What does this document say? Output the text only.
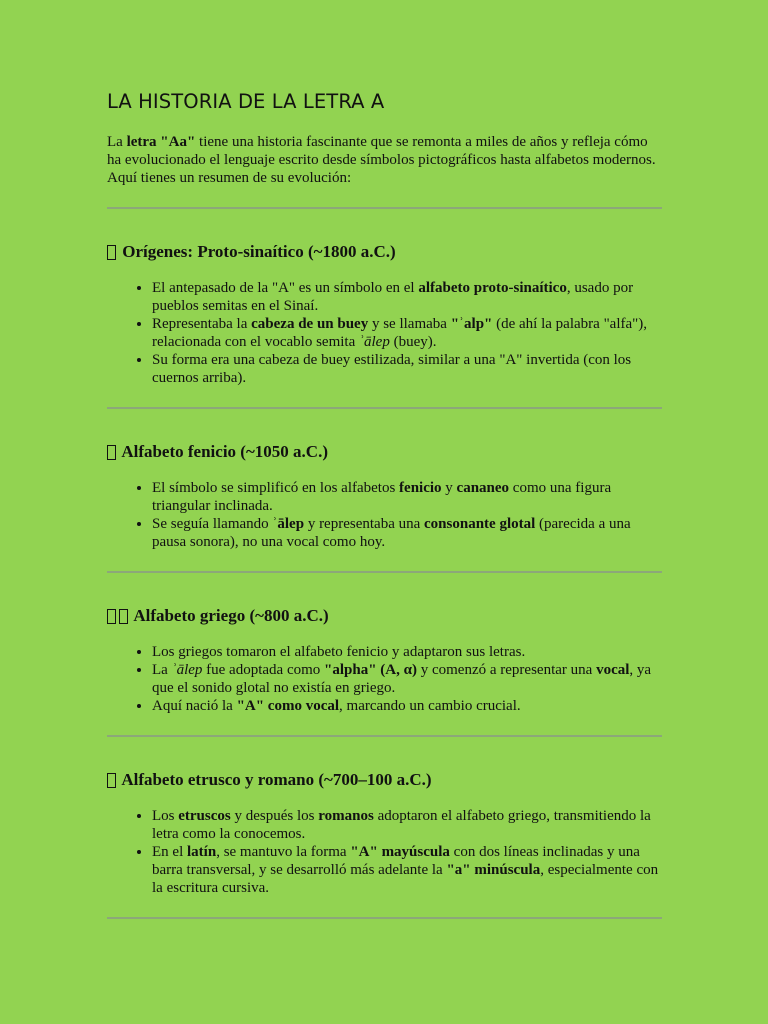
LA HISTORIA DE LA LETRA A

La letra "Aa" tiene una historia fascinante que se remonta a miles de años y refleja cómo ha evolucionado el lenguaje escrito desde símbolos pictográficos hasta alfabetos modernos. Aquí tienes un resumen de su evolución:

Orígenes: Proto-sinaítico (~1800 a.C.)
• El antepasado de la "A" es un símbolo en el alfabeto proto-sinaítico, usado por pueblos semitas en el Sinaí.
• Representaba la cabeza de un buey y se llamaba "ʾalp" (de ahí la palabra "alfa"), relacionada con el vocablo semita ʾālep (buey).
• Su forma era una cabeza de buey estilizada, similar a una "A" invertida (con los cuernos arriba).
Alfabeto fenicio (~1050 a.C.)
• El símbolo se simplificó en los alfabetos fenicio y cananeo como una figura triangular inclinada.
• Se seguía llamando ʾālep y representaba una consonante glotal (parecida a una pausa sonora), no una vocal como hoy.
Alfabeto griego (~800 a.C.)
• Los griegos tomaron el alfabeto fenicio y adaptaron sus letras.
• La ʾālep fue adoptada como "alpha" (Α, α) y comenzó a representar una vocal, ya que el sonido glotal no existía en griego.
• Aquí nació la "A" como vocal, marcando un cambio crucial.
Alfabeto etrusco y romano (~700–100 a.C.)
• Los etruscos y después los romanos adoptaron el alfabeto griego, transmitiendo la letra como la conocemos.
• En el latín, se mantuvo la forma "A" mayúscula con dos líneas inclinadas y una barra transversal, y se desarrolló más adelante la "a" minúscula, especialmente con la escritura cursiva.
